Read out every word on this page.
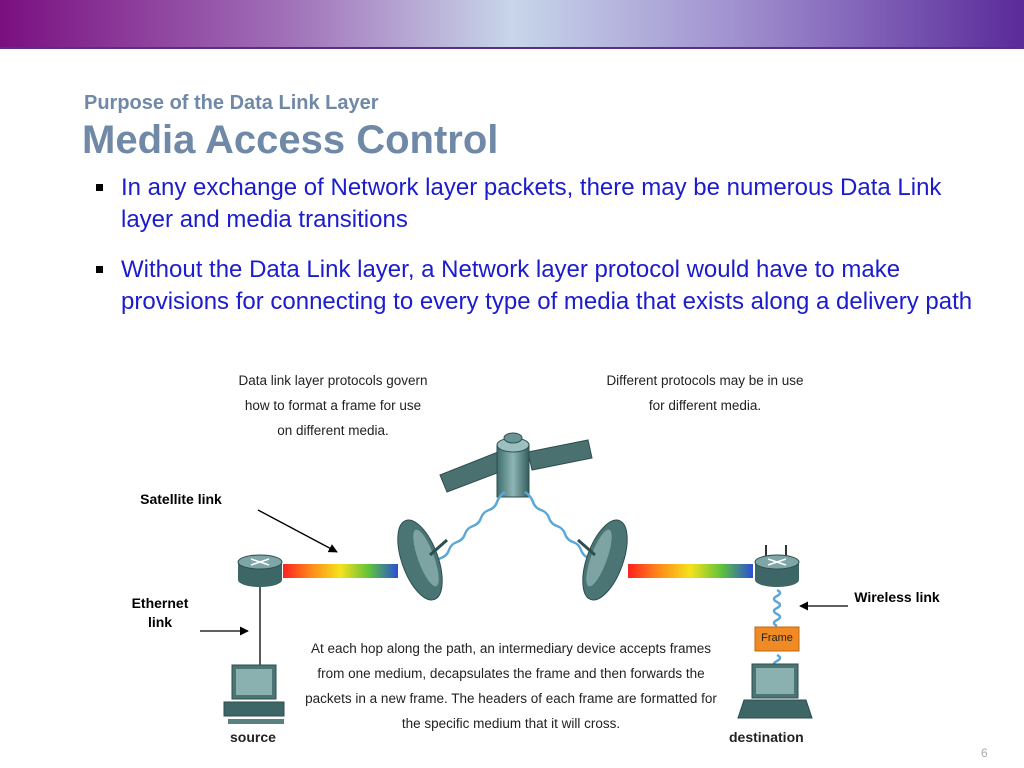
Purpose of the Data Link Layer
Media Access Control
In any exchange of Network layer packets, there may be numerous Data Link layer and media transitions
Without the Data Link layer, a Network layer protocol would have to make provisions for connecting to every type of media that exists along a delivery path
Data link layer protocols govern how to format a frame for use on different media.
Different protocols may be in use for different media.
At each hop along the path, an intermediary device accepts frames from one medium, decapsulates the frame and then forwards the packets in a new frame. The headers of each frame are formatted for the specific medium that it will cross.
Satellite link
Ethernet link
Wireless link
Frame
source	destination
6
